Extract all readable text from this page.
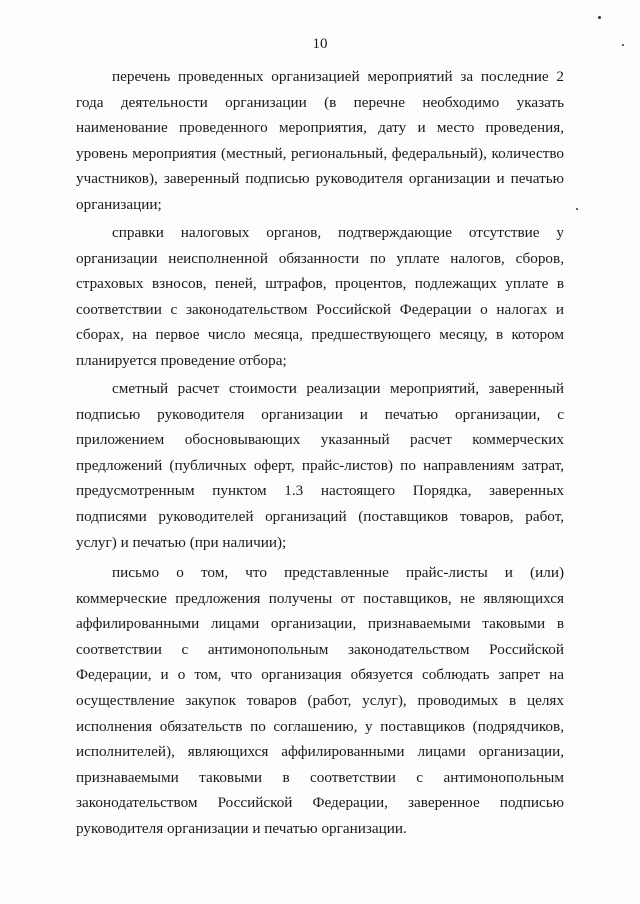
10

перечень проведенных организацией мероприятий за последние 2 года деятельности организации (в перечне необходимо указать наименование проведенного мероприятия, дату и место проведения, уровень мероприятия (местный, региональный, федеральный), количество участников), заверенный подписью руководителя организации и печатью организации;

справки налоговых органов, подтверждающие отсутствие у организации неисполненной обязанности по уплате налогов, сборов, страховых взносов, пеней, штрафов, процентов, подлежащих уплате в соответствии с законодательством Российской Федерации о налогах и сборах, на первое число месяца, предшествующего месяцу, в котором планируется проведение отбора;

сметный расчет стоимости реализации мероприятий, заверенный подписью руководителя организации и печатью организации, с приложением обосновывающих указанный расчет коммерческих предложений (публичных оферт, прайс-листов) по направлениям затрат, предусмотренным пунктом 1.3 настоящего Порядка, заверенных подписями руководителей организаций (поставщиков товаров, работ, услуг) и печатью (при наличии);

письмо о том, что представленные прайс-листы и (или) коммерческие предложения получены от поставщиков, не являющихся аффилированными лицами организации, признаваемыми таковыми в соответствии с антимонопольным законодательством Российской Федерации, и о том, что организация обязуется соблюдать запрет на осуществление закупок товаров (работ, услуг), проводимых в целях исполнения обязательств по соглашению, у поставщиков (подрядчиков, исполнителей), являющихся аффилированными лицами организации, признаваемыми таковыми в соответствии с антимонопольным законодательством Российской Федерации, заверенное подписью руководителя организации и печатью организации.
